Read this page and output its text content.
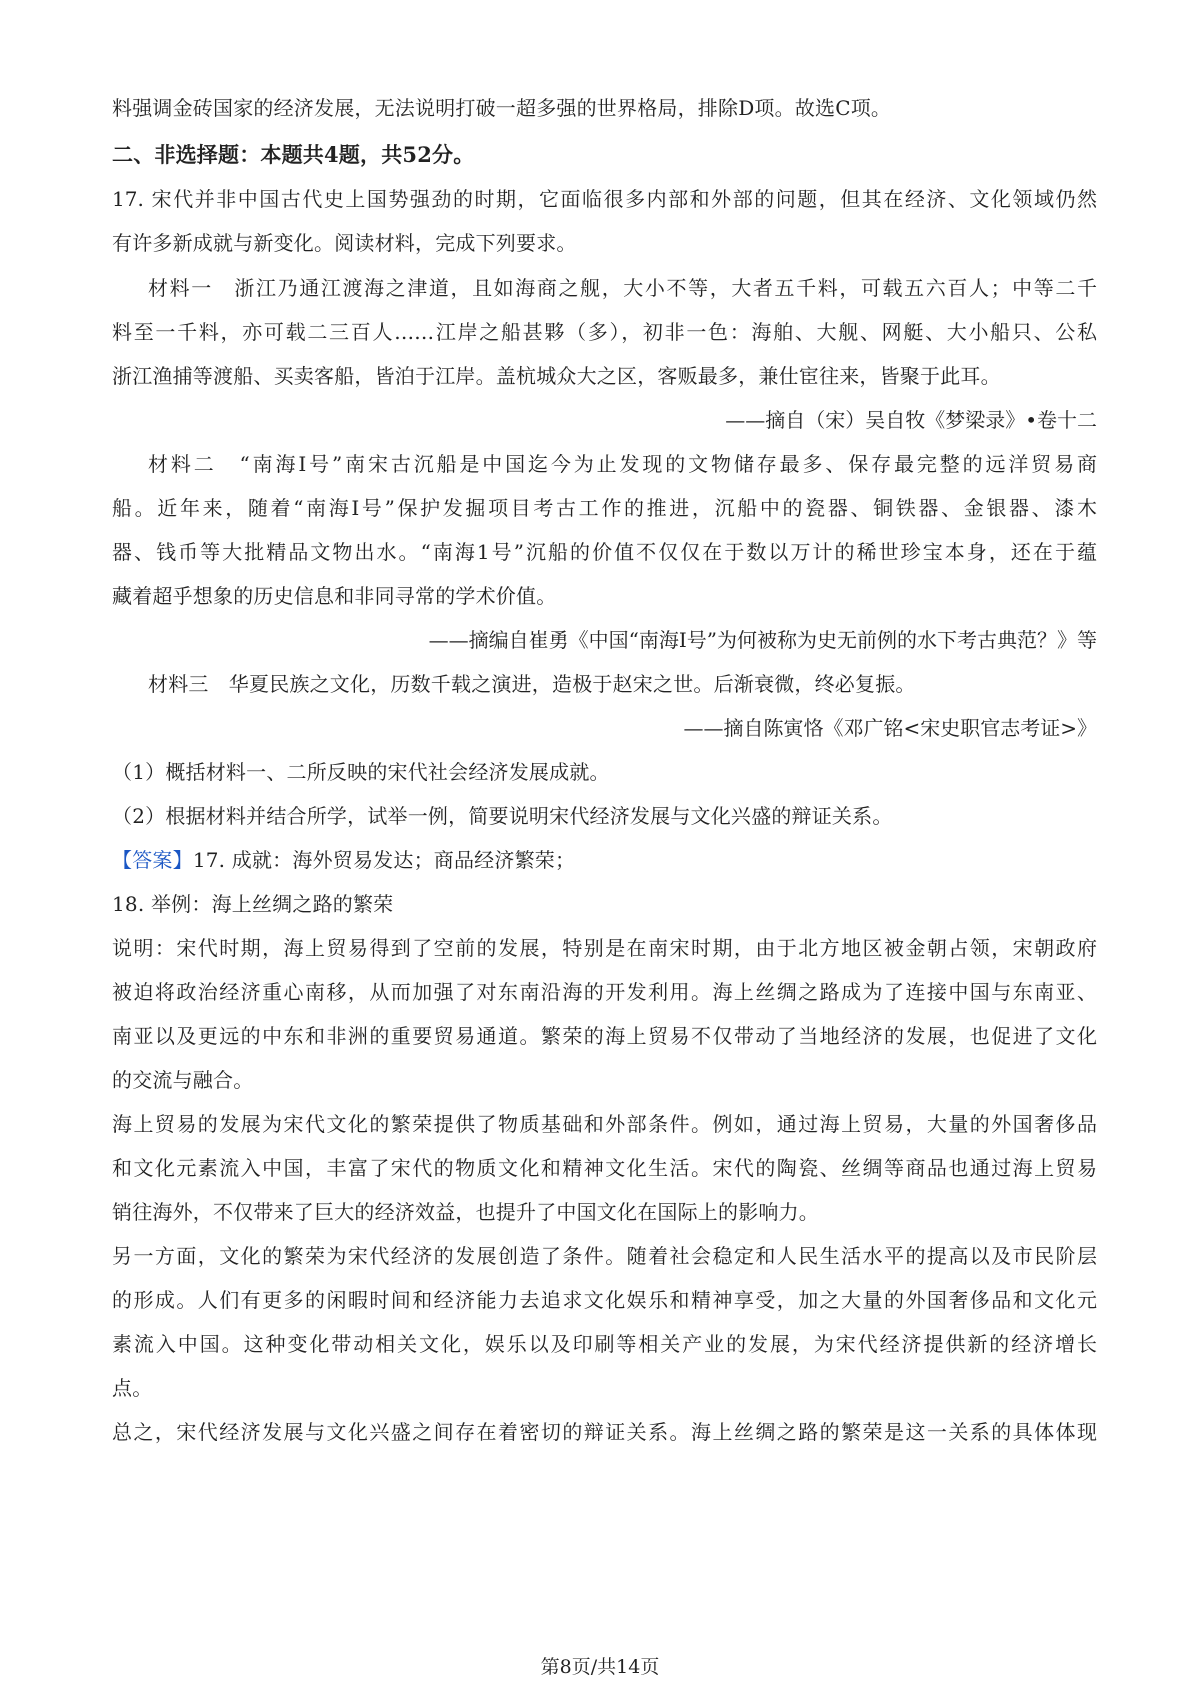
料强调金砖国家的经济发展，无法说明打破一超多强的世界格局，排除D项。故选C项。
二、非选择题：本题共4题，共52分。
17. 宋代并非中国古代史上国势强劲的时期，它面临很多内部和外部的问题，但其在经济、文化领域仍然
有许多新成就与新变化。阅读材料，完成下列要求。
材料一　浙江乃通江渡海之津道，且如海商之舰，大小不等，大者五千料，可载五六百人；中等二千
料至一千料，亦可载二三百人……江岸之船甚夥（多），初非一色：海舶、大舰、网艇、大小船只、公私
浙江渔捕等渡船、买卖客船，皆泊于江岸。盖杭城众大之区，客贩最多，兼仕宦往来，皆聚于此耳。
——摘自（宋）吴自牧《梦梁录》•卷十二
材料二　“南海Ⅰ号”南宋古沉船是中国迄今为止发现的文物储存最多、保存最完整的远洋贸易商
船。近年来，随着“南海Ⅰ号”保护发掘项目考古工作的推进，沉船中的瓷器、铜铁器、金银器、漆木
器、钱币等大批精品文物出水。“南海1号”沉船的价值不仅仅在于数以万计的稀世珍宝本身，还在于蕴
藏着超乎想象的历史信息和非同寻常的学术价值。
——摘编自崔勇《中国“南海Ⅰ号”为何被称为史无前例的水下考古典范？》等
材料三　华夏民族之文化，历数千载之演进，造极于赵宋之世。后渐衰微，终必复振。
——摘自陈寅恪《邓广铭<宋史职官志考证>》
（1）概括材料一、二所反映的宋代社会经济发展成就。
（2）根据材料并结合所学，试举一例，简要说明宋代经济发展与文化兴盛的辩证关系。
【答案】17. 成就：海外贸易发达；商品经济繁荣；
18. 举例：海上丝绸之路的繁荣
说明：宋代时期，海上贸易得到了空前的发展，特别是在南宋时期，由于北方地区被金朝占领，宋朝政府
被迫将政治经济重心南移，从而加强了对东南沿海的开发利用。海上丝绸之路成为了连接中国与东南亚、
南亚以及更远的中东和非洲的重要贸易通道。繁荣的海上贸易不仅带动了当地经济的发展，也促进了文化
的交流与融合。
海上贸易的发展为宋代文化的繁荣提供了物质基础和外部条件。例如，通过海上贸易，大量的外国奢侈品
和文化元素流入中国，丰富了宋代的物质文化和精神文化生活。宋代的陶瓷、丝绸等商品也通过海上贸易
销往海外，不仅带来了巨大的经济效益，也提升了中国文化在国际上的影响力。
另一方面，文化的繁荣为宋代经济的发展创造了条件。随着社会稳定和人民生活水平的提高以及市民阶层
的形成。人们有更多的闲暇时间和经济能力去追求文化娱乐和精神享受，加之大量的外国奢侈品和文化元
素流入中国。这种变化带动相关文化，娱乐以及印刷等相关产业的发展，为宋代经济提供新的经济增长
点。
总之，宋代经济发展与文化兴盛之间存在着密切的辩证关系。海上丝绸之路的繁荣是这一关系的具体体现
第8页/共14页
